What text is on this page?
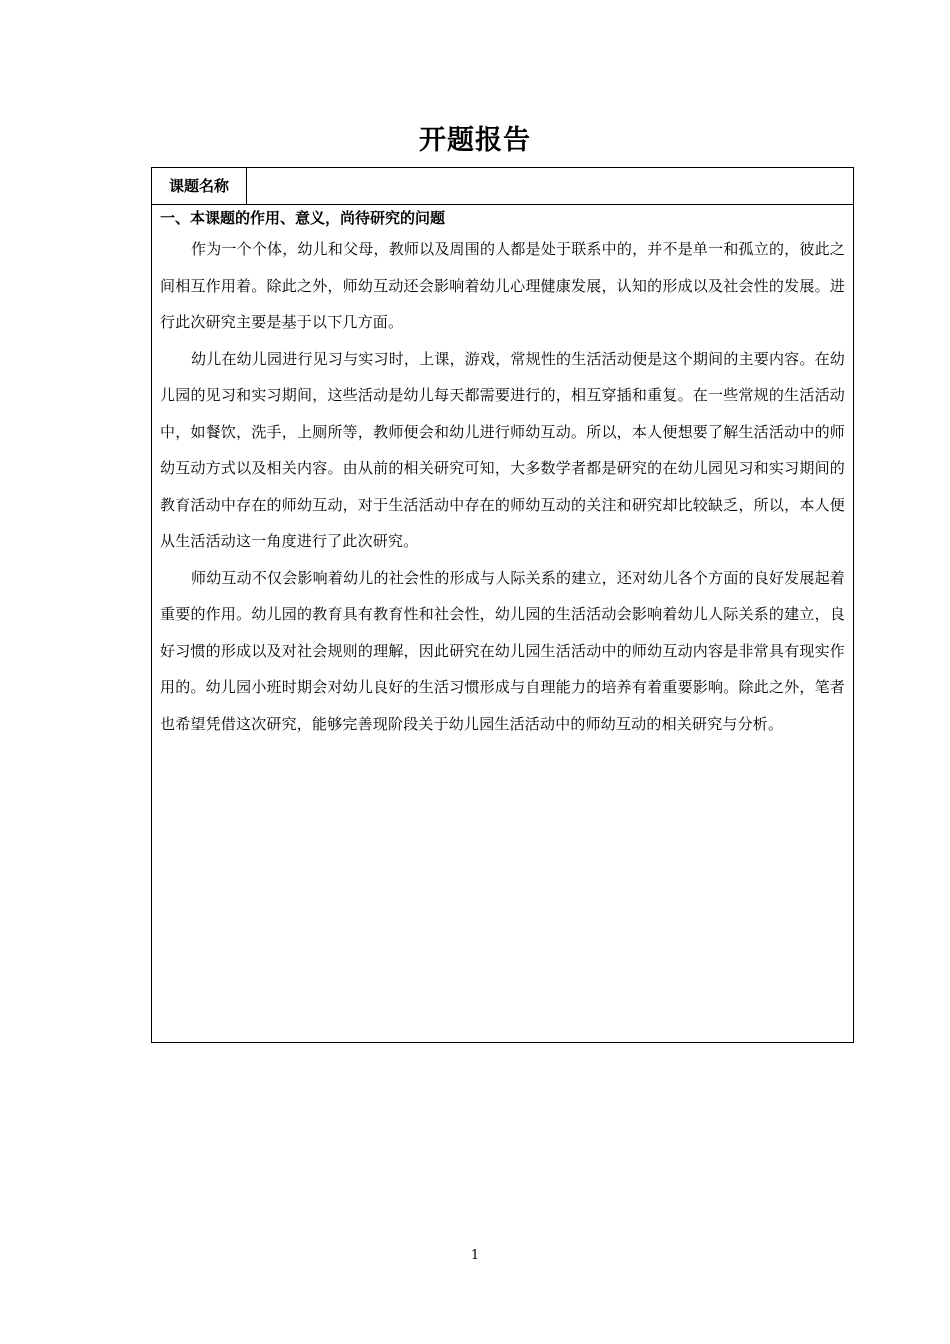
开题报告
课题名称
一、本课题的作用、意义，尚待研究的问题

作为一个个体，幼儿和父母，教师以及周围的人都是处于联系中的，并不是单一和孤立的，彼此之间相互作用着。除此之外，师幼互动还会影响着幼儿心理健康发展，认知的形成以及社会性的发展。进行此次研究主要是基于以下几方面。

幼儿在幼儿园进行见习与实习时，上课，游戏，常规性的生活活动便是这个期间的主要内容。在幼儿园的见习和实习期间，这些活动是幼儿每天都需要进行的，相互穿插和重复。在一些常规的生活活动中，如餐饮，洗手，上厕所等，教师便会和幼儿进行师幼互动。所以，本人便想要了解生活活动中的师幼互动方式以及相关内容。由从前的相关研究可知，大多数学者都是研究的在幼儿园见习和实习期间的教育活动中存在的师幼互动，对于生活活动中存在的师幼互动的关注和研究却比较缺乏，所以，本人便从生活活动这一角度进行了此次研究。

师幼互动不仅会影响着幼儿的社会性的形成与人际关系的建立，还对幼儿各个方面的良好发展起着重要的作用。幼儿园的教育具有教育性和社会性，幼儿园的生活活动会影响着幼儿人际关系的建立，良好习惯的形成以及对社会规则的理解，因此研究在幼儿园生活活动中的师幼互动内容是非常具有现实作用的。幼儿园小班时期会对幼儿良好的生活习惯形成与自理能力的培养有着重要影响。除此之外，笔者也希望凭借这次研究，能够完善现阶段关于幼儿园生活活动中的师幼互动的相关研究与分析。

1
